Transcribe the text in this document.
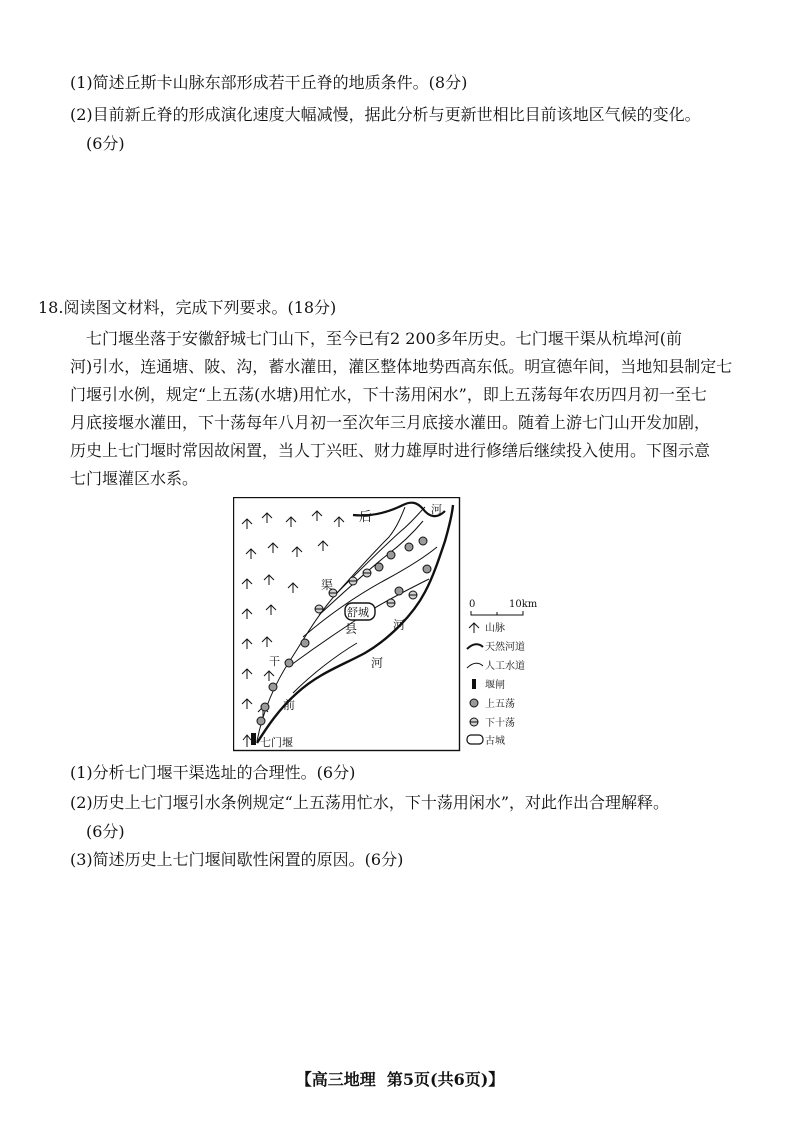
(1)简述丘斯卡山脉东部形成若干丘脊的地质条件。(8分)
(2)目前新丘脊的形成演化速度大幅减慢，据此分析与更新世相比目前该地区气候的变化。
(6分)
18.阅读图文材料，完成下列要求。(18分)
七门堰坐落于安徽舒城七门山下，至今已有2 200多年历史。七门堰干渠从杭埠河(前
河)引水，连通塘、陂、沟，蓄水灌田，灌区整体地势西高东低。明宣德年间，当地知县制定七
门堰引水例，规定“上五荡(水塘)用忙水，下十荡用闲水”，即上五荡每年农历四月初一至七
月底接堰水灌田，下十荡每年八月初一至次年三月底接水灌田。随着上游七门山开发加剧，
历史上七门堰时常因故闲置，当人丁兴旺、财力雄厚时进行修缮后继续投入使用。下图示意
七门堰灌区水系。
后
河
渠
舒城
县	河
河
干
前
七门堰
0	10km
山脉
天然河道
人工水道
堰闸
上五荡
下十荡
古城
(1)分析七门堰干渠选址的合理性。(6分)
(2)历史上七门堰引水条例规定“上五荡用忙水，下十荡用闲水”，对此作出合理解释。
(6分)
(3)简述历史上七门堰间歇性闲置的原因。(6分)
【高三地理 第5页(共6页)】
